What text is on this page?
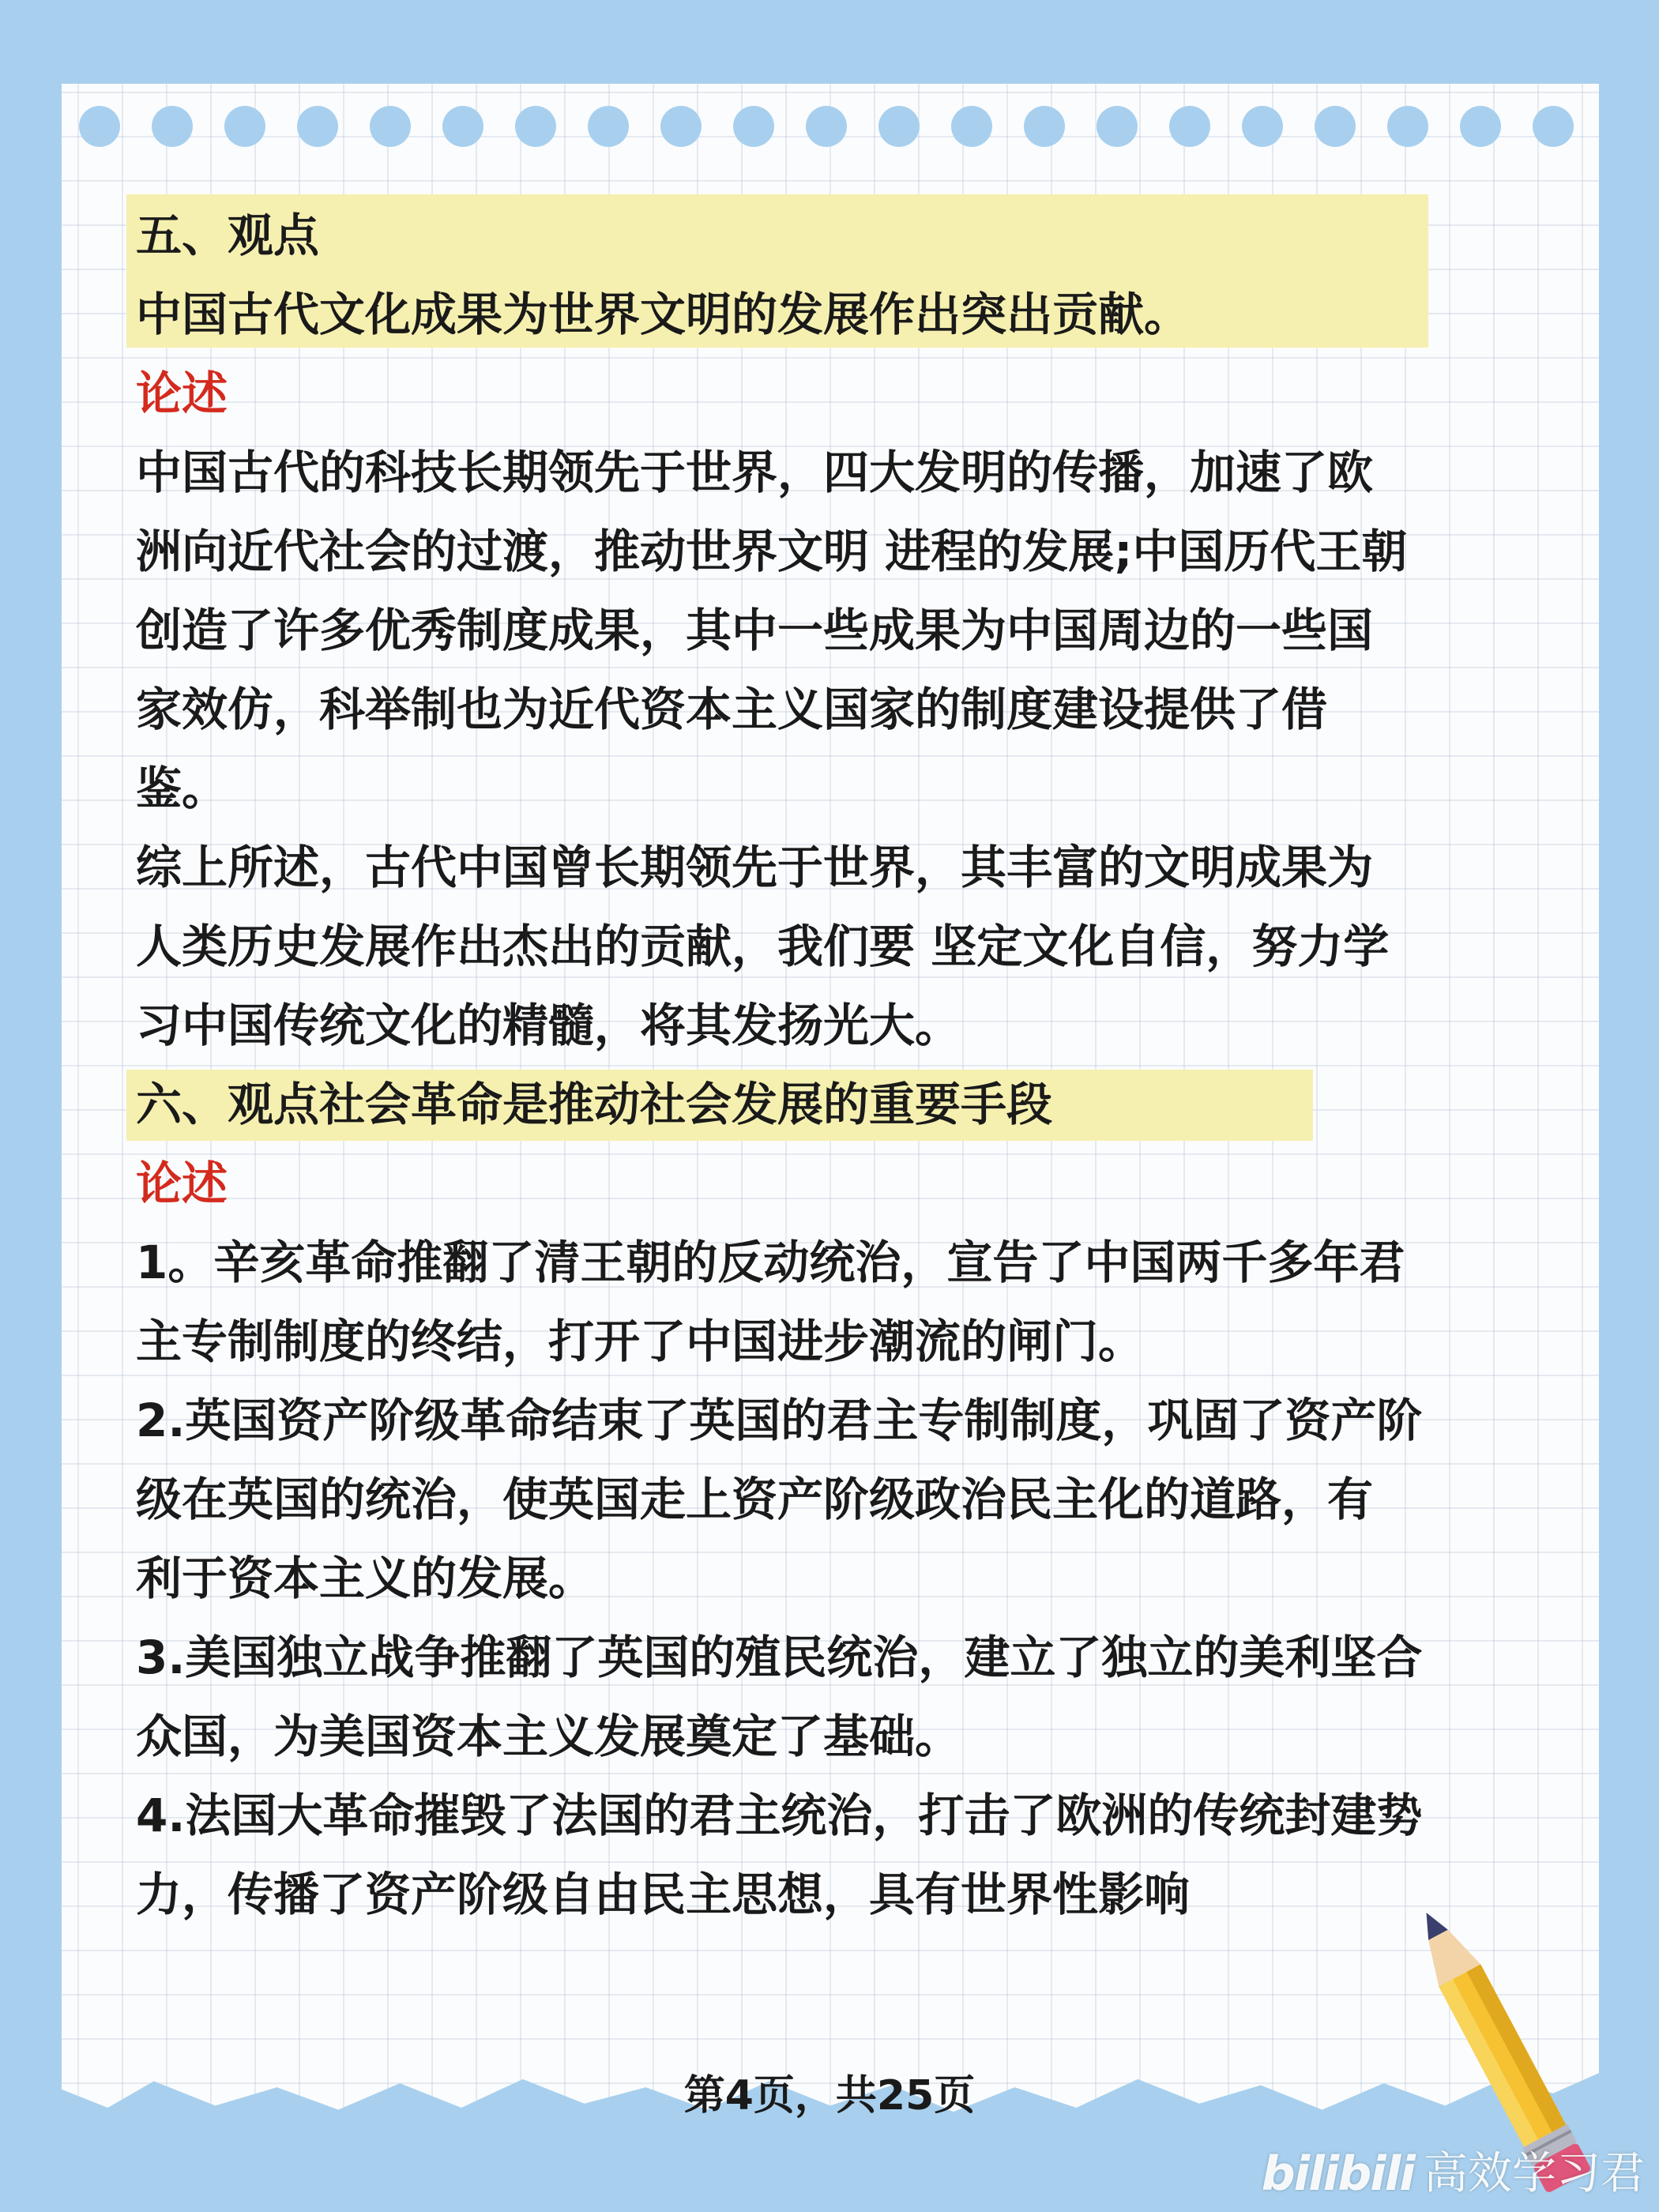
五、观点

中国古代文化成果为世界文明的发展作出突出贡献。

论述

中国古代的科技长期领先于世界，四大发明的传播，加速了欧

洲向近代社会的过渡，推动世界文明 进程的发展;中国历代王朝

创造了许多优秀制度成果，其中一些成果为中国周边的一些国

家效仿，科举制也为近代资本主义国家的制度建设提供了借

鉴。

综上所述，古代中国曾长期领先于世界，其丰富的文明成果为

人类历史发展作出杰出的贡献，我们要 坚定文化自信，努力学

习中国传统文化的精髓，将其发扬光大。

六、观点社会革命是推动社会发展的重要手段

论述

1。辛亥革命推翻了清王朝的反动统治，宣告了中国两千多年君

主专制制度的终结，打开了中国进步潮流的闸门。

2.英国资产阶级革命结束了英国的君主专制制度，巩固了资产阶

级在英国的统治，使英国走上资产阶级政治民主化的道路，有

利于资本主义的发展。

3.美国独立战争推翻了英国的殖民统治，建立了独立的美利坚合

众国，为美国资本主义发展奠定了基础。

4.法国大革命摧毁了法国的君主统治，打击了欧洲的传统封建势

力，传播了资产阶级自由民主思想，具有世界性影响

第4页，共25页
bilibili 高效学习君
